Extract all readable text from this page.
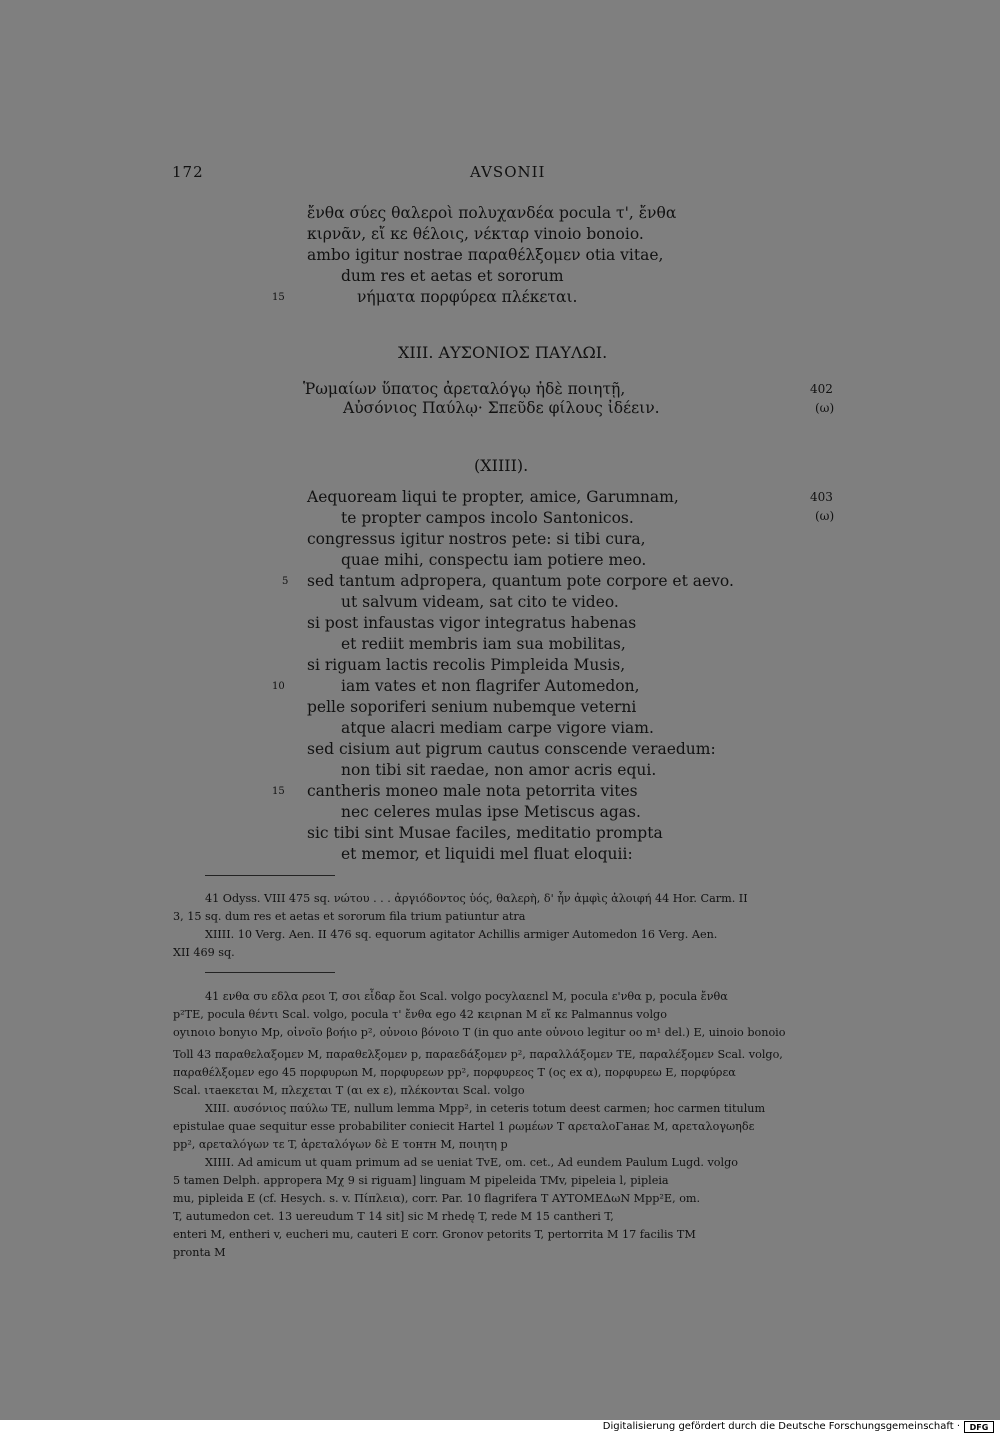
172	AVSONII
ἔνθα σύες θαλεροὶ πολυχανδέα pocula τ', ἔνθα
κιρνᾶν, εἴ κε θέλοις, νέκταρ vinoio bonoio.
ambo igitur nostrae παραθέλξομεν otia vitae,
dum res et aetas et sororum
νήματα πορφύρεα πλέκεται.
15
XIII. ΑΥΣΟΝΙΟΣ ΠΑΥΛΩΙ.
Ῥωμαίων ὕπατος ἀρεταλόγῳ ἠδὲ ποιητῇ,
Αὐσόνιος Παύλῳ· Σπεῦδε φίλους ἰδέειν.
402
(ω)
(XIIII).
403
(ω)
Aequoream liqui te propter, amice, Garumnam,
te propter campos incolo Santonicos.
congressus igitur nostros pete: si tibi cura,
quae mihi, conspectu iam potiere meo.
sed tantum adpropera, quantum pote corpore et aevo.
ut salvum videam, sat cito te video.
si post infaustas vigor integratus habenas
et rediit membris iam sua mobilitas,
si riguam lactis recolis Pimpleida Musis,
iam vates et non flagrifer Automedon,
pelle soporiferi senium nubemque veterni
atque alacri mediam carpe vigore viam.
sed cisium aut pigrum cautus conscende veraedum:
non tibi sit raedae, non amor acris equi.
cantheris moneo male nota petorrita vites
nec celeres mulas ipse Metiscus agas.
sic tibi sint Musae faciles, meditatio prompta
et memor, et liquidi mel fluat eloquii:
5
10
15
41 Odyss. VIII 475 sq. νώτου . . . ἀργιόδοντος ὑός, θαλερὴ, δ' ἦν ἀμφὶς ἀλοιφή 44 Hor. Carm. II
3, 15 sq. dum res et aetas et sororum fila trium patiuntur atra
XIIII. 10 Verg. Aen. II 476 sq. equorum agitator Achillis armiger Automedon 16 Verg. Aen.
XII 469 sq.
41 ενθα συ εδλα ρεοι T, σοι εἶδαρ ἔοι Scal. volgo pocyλαεnεl M, pocula ε'νθα p, pocula ἔνθα
p²TE, pocula θέντι Scal. volgo, pocula τ' ἔνθα ego 42 κειρnan M εἴ κε Palmannus volgo
οyιnοιο bonyιο Mp, οἰνοῖο βοήιο p², οὐνοιο βόνοιο T (in quo ante οὐνοιο legitur oo m¹ del.) E, uinoio bonoio
Toll 43 παραθελαξομεν M, παραθελξομεν p, παραεδάξομεν p², παραλλάξομεν TE, παραλέξομεν Scal. volgo,
παραθέλξομεν ego 45 πορφυρωn M, πορφυρεων pp², πορφυρεος T (ος ex α), πορφυρεω E, πορφύρεα
Scal. ιτaeκεται M, πλεχεται T (αι ex ε), πλέκονται Scal. volgo
XIII. αυσόνιος παύλω TE, nullum lemma Mpp², in ceteris totum deest carmen; hoc carmen titulum
epistulae quae sequitur esse probabiliter coniecit Hartel 1 ρωμέων T αρεταλοΓaнaε M, αρεταλογωηδε
pp², αρεταλόγων τε T, ἀρεταλόγων δὲ E τοнтн M, ποιητη p
XIIII. Ad amicum ut quam primum ad se ueniat TvE, om. cet., Ad eundem Paulum Lugd. volgo
5 tamen Delph. appropera Mχ 9 si riguam] linguam M pipeleida TMv, pipeleia l, pipleia
mu, pipleida E (cf. Hesych. s. v. Πίπλεια), corr. Par. 10 flagrifera T AYTOMEΔωN Mpp²E, om.
T, autumedon cet. 13 uereudum T 14 sit] sic M rhedę T, rede M 15 cantheri T,
enteri M, entheri v, eucheri mu, cauteri E corr. Gronov petorits T, pertorrita M 17 facilis TM
pronta M
Digitalisierung gefördert durch die Deutsche Forschungsgemeinschaft ·	DFG
